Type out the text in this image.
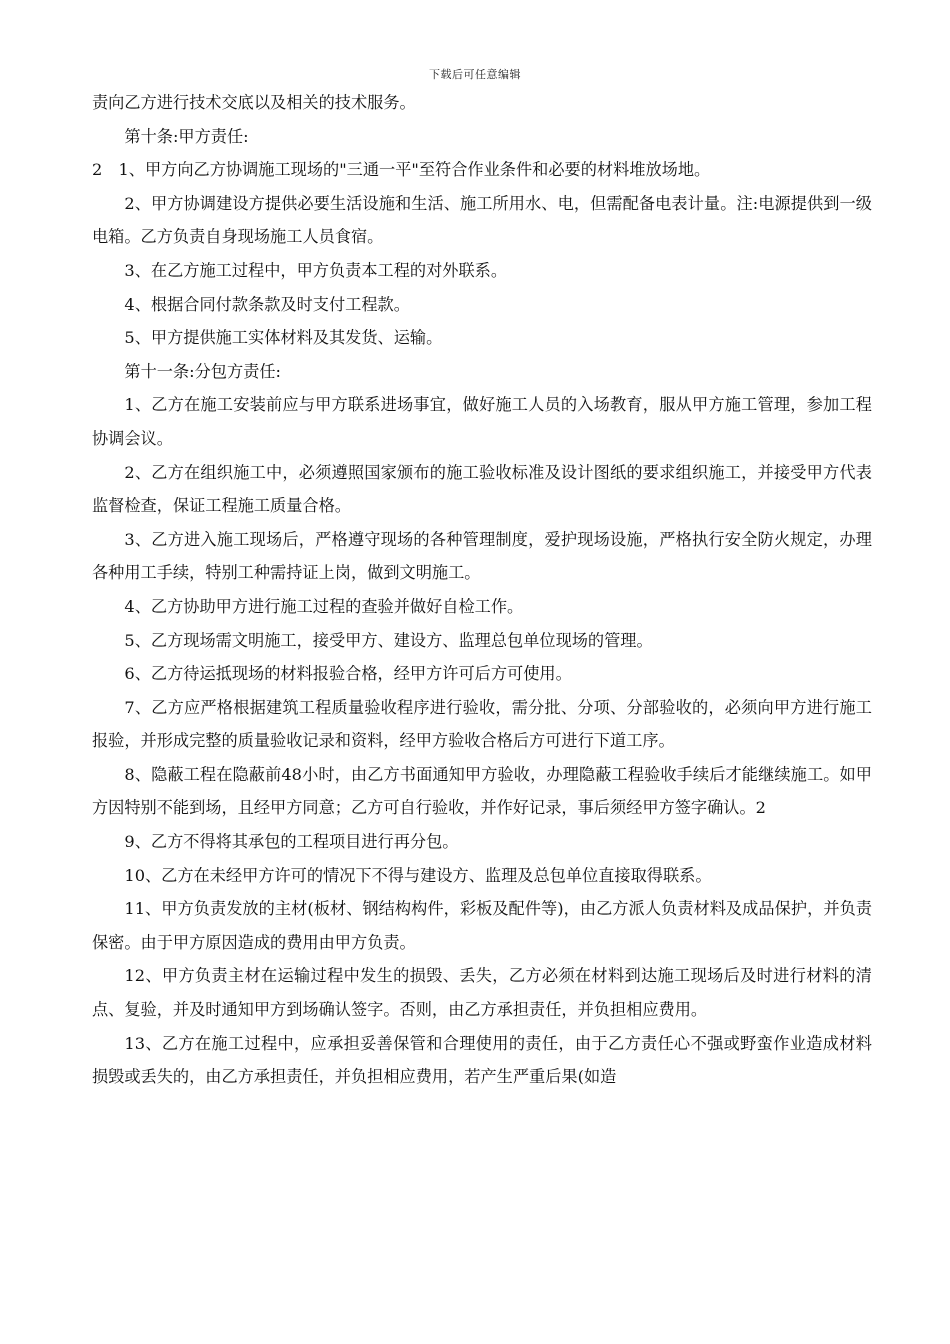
下载后可任意编辑

责向乙方进行技术交底以及相关的技术服务。

第十条:甲方责任:

2　1、甲方向乙方协调施工现场的"三通一平"至符合作业条件和必要的材料堆放场地。

2、甲方协调建设方提供必要生活设施和生活、施工所用水、电，但需配备电表计量。注:电源提供到一级电箱。乙方负责自身现场施工人员食宿。

3、在乙方施工过程中，甲方负责本工程的对外联系。

4、根据合同付款条款及时支付工程款。

5、甲方提供施工实体材料及其发货、运输。

第十一条:分包方责任:

1、乙方在施工安装前应与甲方联系进场事宜，做好施工人员的入场教育，服从甲方施工管理，参加工程协调会议。

2、乙方在组织施工中，必须遵照国家颁布的施工验收标准及设计图纸的要求组织施工，并接受甲方代表监督检查，保证工程施工质量合格。

3、乙方进入施工现场后，严格遵守现场的各种管理制度，爱护现场设施，严格执行安全防火规定，办理各种用工手续，特别工种需持证上岗，做到文明施工。

4、乙方协助甲方进行施工过程的查验并做好自检工作。

5、乙方现场需文明施工，接受甲方、建设方、监理总包单位现场的管理。

6、乙方待运抵现场的材料报验合格，经甲方许可后方可使用。

7、乙方应严格根据建筑工程质量验收程序进行验收，需分批、分项、分部验收的，必须向甲方进行施工报验，并形成完整的质量验收记录和资料，经甲方验收合格后方可进行下道工序。

8、隐蔽工程在隐蔽前48小时，由乙方书面通知甲方验收，办理隐蔽工程验收手续后才能继续施工。如甲方因特别不能到场，且经甲方同意；乙方可自行验收，并作好记录，事后须经甲方签字确认。2

9、乙方不得将其承包的工程项目进行再分包。

10、乙方在未经甲方许可的情况下不得与建设方、监理及总包单位直接取得联系。

11、甲方负责发放的主材(板材、钢结构构件，彩板及配件等)，由乙方派人负责材料及成品保护，并负责保密。由于甲方原因造成的费用由甲方负责。

12、甲方负责主材在运输过程中发生的损毁、丢失，乙方必须在材料到达施工现场后及时进行材料的清点、复验，并及时通知甲方到场确认签字。否则，由乙方承担责任，并负担相应费用。

13、乙方在施工过程中，应承担妥善保管和合理使用的责任，由于乙方责任心不强或野蛮作业造成材料损毁或丢失的，由乙方承担责任，并负担相应费用，若产生严重后果(如造
